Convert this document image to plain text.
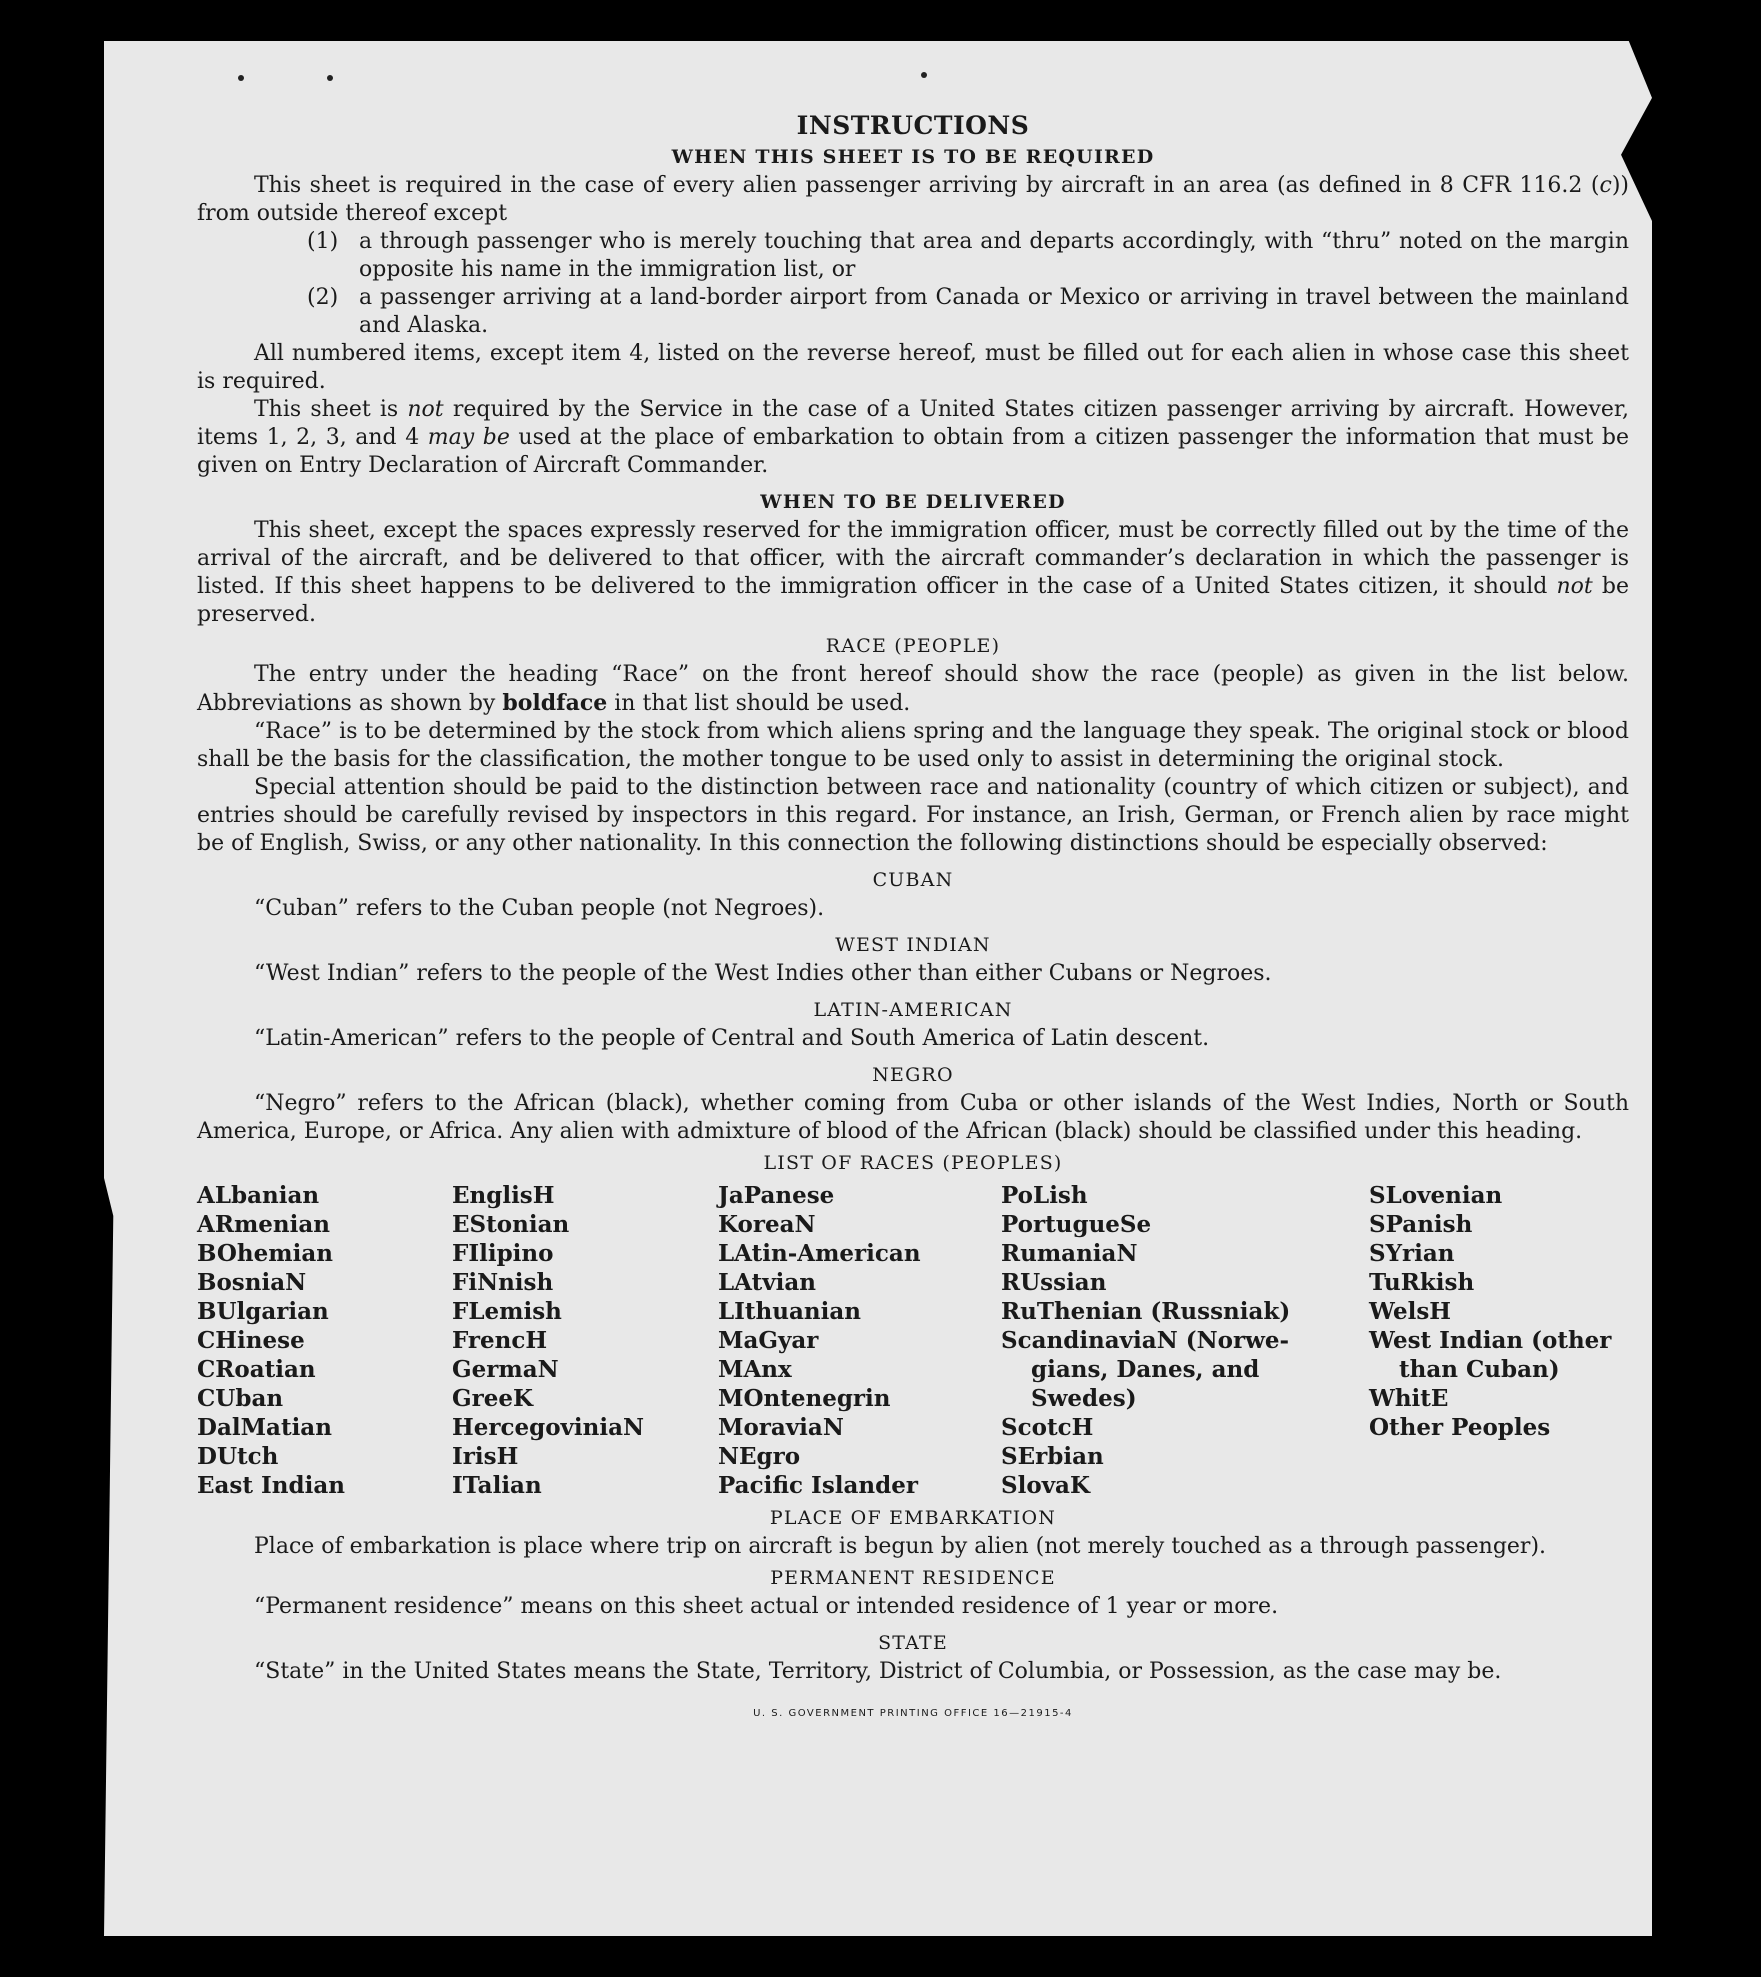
INSTRUCTIONS
WHEN THIS SHEET IS TO BE REQUIRED

This sheet is required in the case of every alien passenger arriving by aircraft in an area (as defined in 8 CFR 116.2 (c)) from outside thereof except

(1) a through passenger who is merely touching that area and departs accordingly, with “thru” noted on the margin opposite his name in the immigration list, or
(2) a passenger arriving at a land-border airport from Canada or Mexico or arriving in travel between the mainland and Alaska.

All numbered items, except item 4, listed on the reverse hereof, must be filled out for each alien in whose case this sheet is required.

This sheet is not required by the Service in the case of a United States citizen passenger arriving by aircraft. However, items 1, 2, 3, and 4 may be used at the place of embarkation to obtain from a citizen passenger the information that must be given on Entry Declaration of Aircraft Commander.

WHEN TO BE DELIVERED

This sheet, except the spaces expressly reserved for the immigration officer, must be correctly filled out by the time of the arrival of the aircraft, and be delivered to that officer, with the aircraft commander’s declaration in which the passenger is listed. If this sheet happens to be delivered to the immigration officer in the case of a United States citizen, it should not be preserved.

RACE (PEOPLE)

The entry under the heading “Race” on the front hereof should show the race (people) as given in the list below. Abbreviations as shown by boldface in that list should be used.

“Race” is to be determined by the stock from which aliens spring and the language they speak. The original stock or blood shall be the basis for the classification, the mother tongue to be used only to assist in determining the original stock.

Special attention should be paid to the distinction between race and nationality (country of which citizen or subject), and entries should be carefully revised by inspectors in this regard. For instance, an Irish, German, or French alien by race might be of English, Swiss, or any other nationality. In this connection the following distinctions should be especially observed:

CUBAN

“Cuban” refers to the Cuban people (not Negroes).

WEST INDIAN

“West Indian” refers to the people of the West Indies other than either Cubans or Negroes.

LATIN-AMERICAN

“Latin-American” refers to the people of Central and South America of Latin descent.

NEGRO

“Negro” refers to the African (black), whether coming from Cuba or other islands of the West Indies, North or South America, Europe, or Africa. Any alien with admixture of blood of the African (black) should be classified under this heading.

LIST OF RACES (PEOPLES)
ALbanian
ARmenian
BOhemian
BosniaN
BUlgarian
CHinese
CRoatian
CUban
DalMatian
DUtch
East Indian
EnglisH
EStonian
FIlipino
FiNnish
FLemish
FrencH
GermaN
GreeK
HercegoviniaN
IrisH
ITalian
JaPanese
KoreaN
LAtin-American
LAtvian
LIthuanian
MaGyar
MAnx
MOntenegrin
MoraviaN
NEgro
Pacific Islander
PoLish
PortugueSe
RumaniaN
RUssian
RuThenian (Russniak)
ScandinaviaN (Norwe-
gians, Danes, and
Swedes)
ScotcH
SErbian
SlovaK
SLovenian
SPanish
SYrian
TuRkish
WelsH
West Indian (other
than Cuban)
WhitE
Other Peoples
PLACE OF EMBARKATION

Place of embarkation is place where trip on aircraft is begun by alien (not merely touched as a through passenger).

PERMANENT RESIDENCE

“Permanent residence” means on this sheet actual or intended residence of 1 year or more.

STATE

“State” in the United States means the State, Territory, District of Columbia, or Possession, as the case may be.

U. S. GOVERNMENT PRINTING OFFICE 16—21915-4
